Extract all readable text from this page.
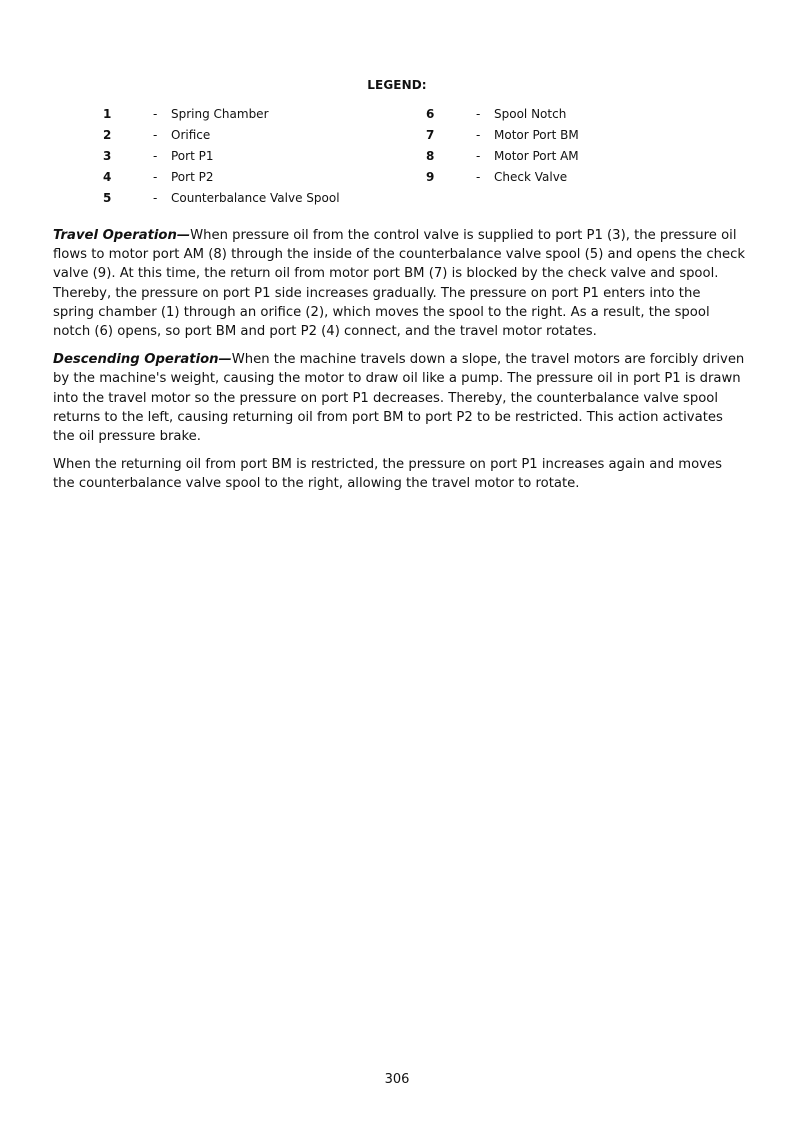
LEGEND:
1	- Spring Chamber
2	- Orifice
3	- Port P1
4	- Port P2
5	- Counterbalance Valve Spool
6	- Spool Notch
7	- Motor Port BM
8	- Motor Port AM
9	- Check Valve

Travel Operation—When pressure oil from the control valve is supplied to port P1 (3), the pressure oil flows to motor port AM (8) through the inside of the counterbalance valve spool (5) and opens the check valve (9). At this time, the return oil from motor port BM (7) is blocked by the check valve and spool. Thereby, the pressure on port P1 side increases gradually. The pressure on port P1 enters into the spring chamber (1) through an orifice (2), which moves the spool to the right. As a result, the spool notch (6) opens, so port BM and port P2 (4) connect, and the travel motor rotates.

Descending Operation—When the machine travels down a slope, the travel motors are forcibly driven by the machine's weight, causing the motor to draw oil like a pump. The pressure oil in port P1 is drawn into the travel motor so the pressure on port P1 decreases. Thereby, the counterbalance valve spool returns to the left, causing returning oil from port BM to port P2 to be restricted. This action activates the oil pressure brake.

When the returning oil from port BM is restricted, the pressure on port P1 increases again and moves the counterbalance valve spool to the right, allowing the travel motor to rotate.

306
